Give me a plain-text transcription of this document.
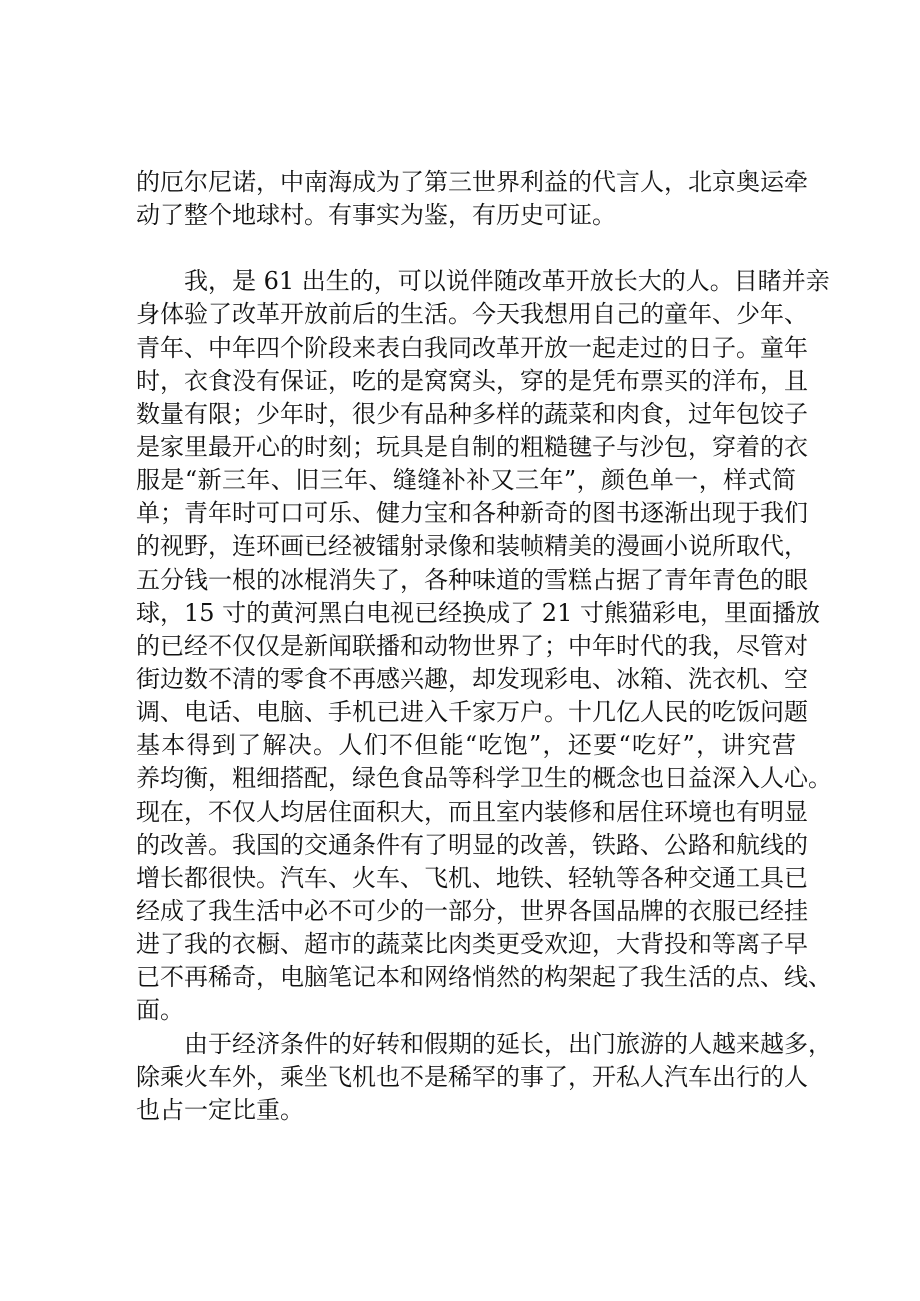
的厄尔尼诺，中南海成为了第三世界利益的代言人，北京奥运牵
动了整个地球村。有事实为鉴，有历史可证。
我，是 61 出生的，可以说伴随改革开放长大的人。目睹并亲
身体验了改革开放前后的生活。今天我想用自己的童年、少年、
青年、中年四个阶段来表白我同改革开放一起走过的日子。童年
时，衣食没有保证，吃的是窝窝头，穿的是凭布票买的洋布，且
数量有限；少年时，很少有品种多样的蔬菜和肉食，过年包饺子
是家里最开心的时刻；玩具是自制的粗糙毽子与沙包，穿着的衣
服是“新三年、旧三年、缝缝补补又三年”，颜色单一，样式简
单；青年时可口可乐、健力宝和各种新奇的图书逐渐出现于我们
的视野，连环画已经被镭射录像和装帧精美的漫画小说所取代，
五分钱一根的冰棍消失了，各种味道的雪糕占据了青年青色的眼
球，15 寸的黄河黑白电视已经换成了 21 寸熊猫彩电，里面播放
的已经不仅仅是新闻联播和动物世界了；中年时代的我，尽管对
街边数不清的零食不再感兴趣，却发现彩电、冰箱、洗衣机、空
调、电话、电脑、手机已进入千家万户。十几亿人民的吃饭问题
基本得到了解决。人们不但能“吃饱”，还要“吃好”，讲究营
养均衡，粗细搭配，绿色食品等科学卫生的概念也日益深入人心。
现在，不仅人均居住面积大，而且室内装修和居住环境也有明显
的改善。我国的交通条件有了明显的改善，铁路、公路和航线的
增长都很快。汽车、火车、飞机、地铁、轻轨等各种交通工具已
经成了我生活中必不可少的一部分，世界各国品牌的衣服已经挂
进了我的衣橱、超市的蔬菜比肉类更受欢迎，大背投和等离子早
已不再稀奇，电脑笔记本和网络悄然的构架起了我生活的点、线、
面。
由于经济条件的好转和假期的延长，出门旅游的人越来越多，
除乘火车外，乘坐飞机也不是稀罕的事了，开私人汽车出行的人
也占一定比重。
